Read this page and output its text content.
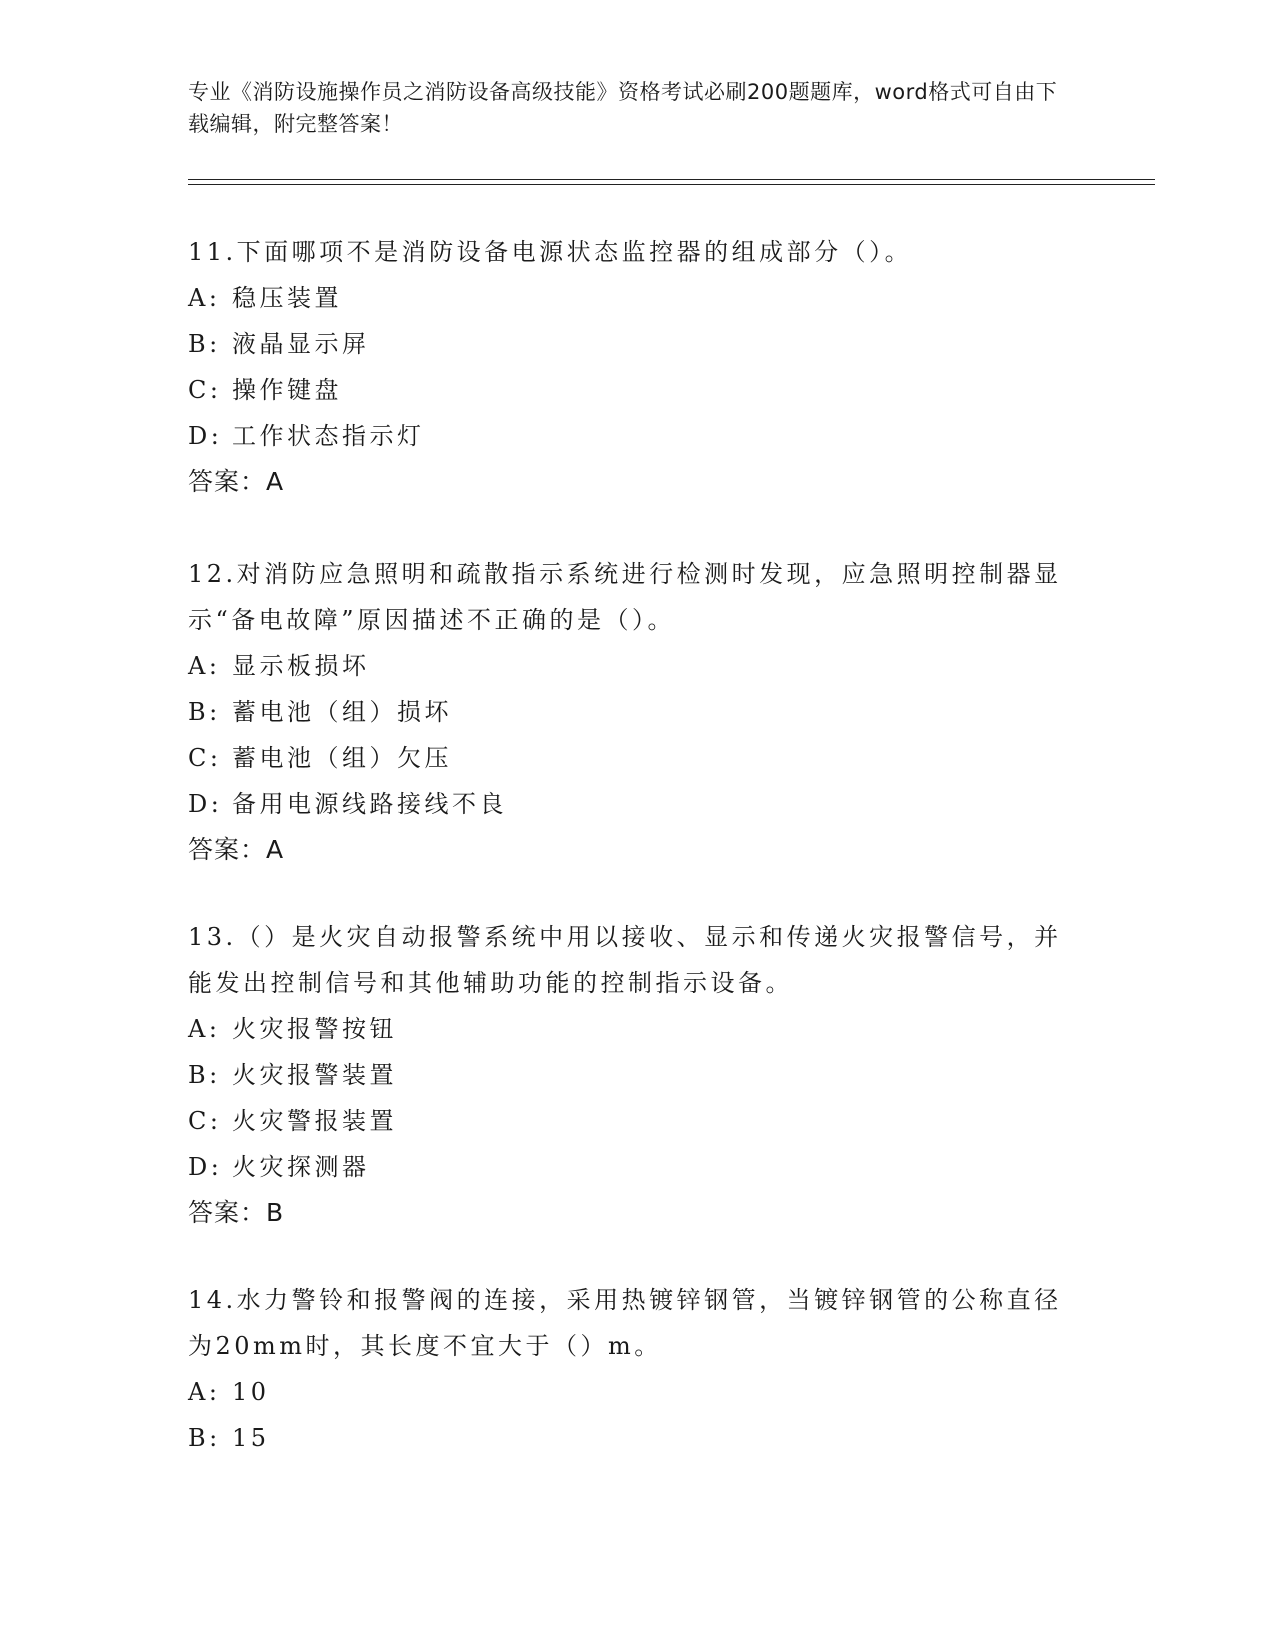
专业《消防设施操作员之消防设备高级技能》资格考试必刷200题题库，word格式可自由下载编辑，附完整答案！

11.下面哪项不是消防设备电源状态监控器的组成部分（）。

A: 稳压装置

B: 液晶显示屏

C: 操作键盘

D: 工作状态指示灯

答案：A

12.对消防应急照明和疏散指示系统进行检测时发现，应急照明控制器显示“备电故障”原因描述不正确的是（）。

A: 显示板损坏

B: 蓄电池（组）损坏

C: 蓄电池（组）欠压

D: 备用电源线路接线不良

答案：A

13.（）是火灾自动报警系统中用以接收、显示和传递火灾报警信号，并能发出控制信号和其他辅助功能的控制指示设备。

A: 火灾报警按钮

B: 火灾报警装置

C: 火灾警报装置

D: 火灾探测器

答案：B

14.水力警铃和报警阀的连接，采用热镀锌钢管，当镀锌钢管的公称直径为20mm时，其长度不宜大于（）m。

A: 10

B: 15
